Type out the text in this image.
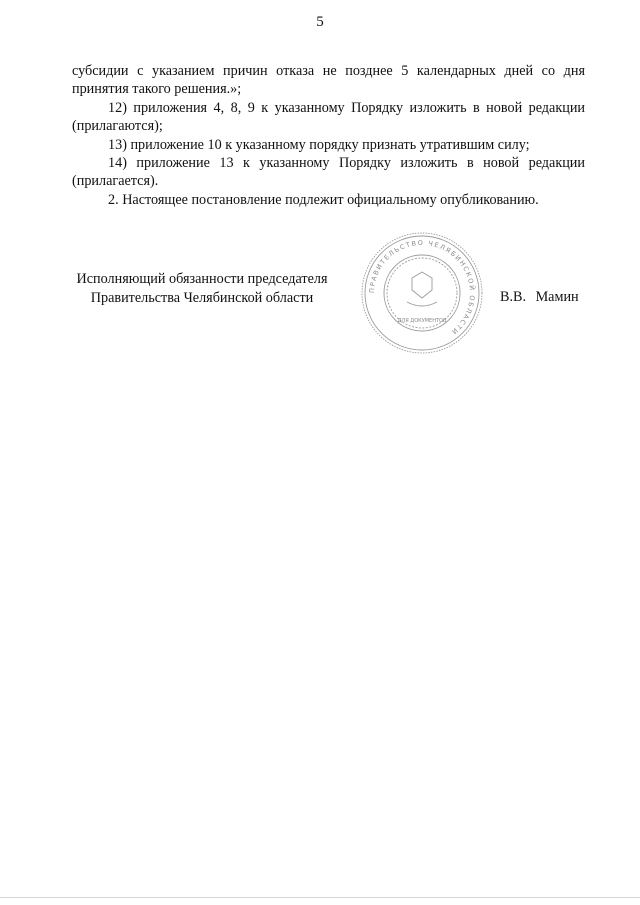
5

субсидии с указанием причин отказа не позднее 5 календарных дней со дня принятия такого решения.»;

12) приложения 4, 8, 9 к указанному Порядку изложить в новой редакции (прилагаются);

13) приложение 10 к указанному порядку признать утратившим силу;

14) приложение 13 к указанному Порядку изложить в новой редакции (прилагается).

2. Настоящее постановление подлежит официальному опубликованию.

Исполняющий обязанности председателя
Правительства Челябинской области
ПРАВИТЕЛЬСТВО ЧЕЛЯБИНСКОЙ ОБЛАСТИ
ДЛЯ ДОКУМЕНТОВ
В.В. Мамин
